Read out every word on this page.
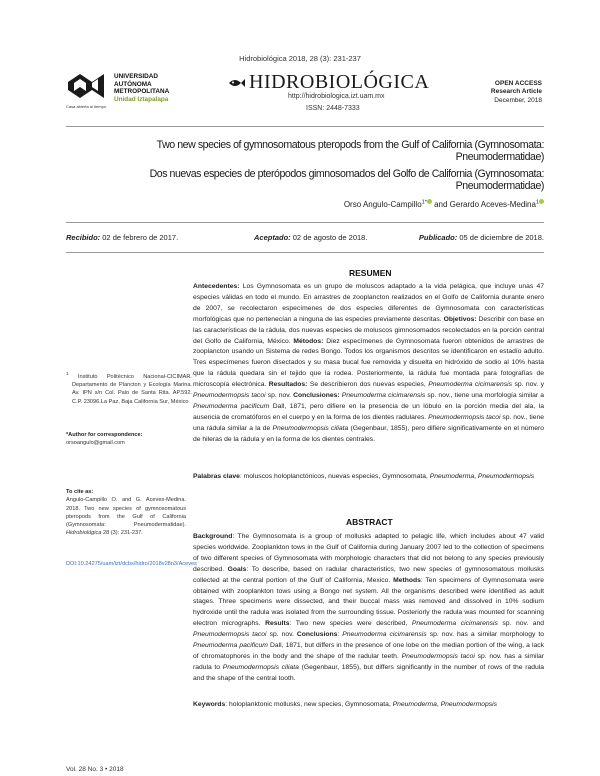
Hidrobiológica 2018, 28 (3): 231-237
UNIVERSIDAD
AUTÓNOMA
METROPOLITANA
Unidad Iztapalapa
Casa abierta al tiempo
HIDROBIOLÓGICA
http://hidrobiologica.izt.uam.mx
ISSN: 2448-7333
OPEN ACCESS
Research Article
December, 2018
Two new species of gymnosomatous pteropods from the Gulf of California (Gymnosomata: Pneumodermatidae)
Dos nuevas especies de pterópodos gimnosomados del Golfo de California (Gymnosomata: Pneumodermatidae)
Orso Angulo-Campillo$^{1*}$ and Gerardo Aceves-Medina$^1$
Recibido: 02 de febrero de 2017.	Aceptado: 02 de agosto de 2018.	Publicado: 05 de diciembre de 2018.
RESUMEN
Antecedentes: Los Gymnosomata es un grupo de moluscos adaptado a la vida pelágica, que incluye unas 47 especies válidas en todo el mundo. En arrastres de zooplancton realizados en el Golfo de California durante enero de 2007, se recolectaron especímenes de dos especies diferentes de Gymnosomata con características morfológicas que no pertenecían a ninguna de las especies previamente descritas. Objetivos: Describir con base en las características de la rádula, dos nuevas especies de moluscos gimnosomados recolectados en la porción central del Golfo de California, México. Métodos: Diez especímenes de Gymnosomata fueron obtenidos de arrastres de zooplancton usando un Sistema de redes Bongo. Todos los organismos descritos se identificaron en estadío adulto. Tres especímenes fueron disectados y su masa bucal fue removida y disuelta en hidróxido de sodio al 10% hasta que la rádula quedara sin el tejido que la rodea. Posteriormente, la rádula fue montada para fotografías de microscopía electrónica. Resultados: Se describieron dos nuevas especies, Pneumoderma cicimarensis sp. nov. y Pneumodermopsis tacoi sp. nov. Conclusiones: Pneumoderma cicimarensis sp. nov., tiene una morfología similar a Pneumoderma pacificum Dall, 1871, pero difiere en la presencia de un lóbulo en la porción media del ala, la ausencia de cromatóforos en el cuerpo y en la forma de los dientes radulares. Pneumodermopsis tacoi sp. nov., tiene una rádula similar a la de Pneumodermopsis ciliata (Gegenbaur, 1855), pero difiere significativamente en el número de hileras de la rádula y en la forma de los dientes centrales.
Palabras clave: moluscos holoplanctónicos, nuevas especies, Gymnosomata, Pneumoderma, Pneumodermopsis
ABSTRACT
Background: The Gymnosomata is a group of mollusks adapted to pelagic life, which includes about 47 valid species worldwide. Zooplankton tows in the Gulf of California during January 2007 led to the collection of specimens of two different species of Gymnosomata with morphologic characters that did not belong to any species previously described. Goals: To describe, based on radular characteristics, two new species of gymnosomatous mollusks collected at the central portion of the Gulf of California, Mexico. Methods: Ten specimens of Gymnosomata were obtained with zooplankton tows using a Bongo net system. All the organisms described were identified as adult stages. Three specimens were dissected, and their buccal mass was removed and dissolved in 10% sodium hydroxide until the radula was isolated from the surrounding tissue. Posteriorly the radula was mounted for scanning electron micrographs. Results: Two new species were described, Pneumoderma cicimarensis sp. nov. and Pneumodermopsis tacoi sp. nov. Conclusions: Pneumoderma cicimarensis sp. nov. has a similar morphology to Pneumoderma pacificum Dall, 1871, but differs in the presence of one lobe on the median portion of the wing, a lack of chromatophores in the body and the shape of the radular teeth. Pneumodermopsis tacoi sp. nov. has a similar radula to Pneumodermopsis ciliata (Gegenbaur, 1855), but differs significantly in the number of rows of the radula and the shape of the central tooth.
Keywords: holoplanktonic mollusks, new species, Gymnosomata, Pneumoderma, Pneumodermopsis
$^1$ Instituto Politécnico Nacional-CICIMAR. Departamento de Plancton y Ecología Marina. Av. IPN s/n Col. Palo de Santa Rita. AP.592. C.P. 23096.La Paz, Baja California Sur, México
*Author for correspondence:
orsoangulo@gmail.com
To cite as:
Angulo-Campillo O. and G. Aceves-Medina. 2018. Two new species of gymnosomatous pteropods from the Gulf of California (Gymnosomata: Pneumodermatidae). Hidrobiológica 28 (3): 231-237.
DOI:10.24275/uam/izt/dcbs/hidro/2018v28n3/Aceves
Vol. 28 No. 3 • 2018
